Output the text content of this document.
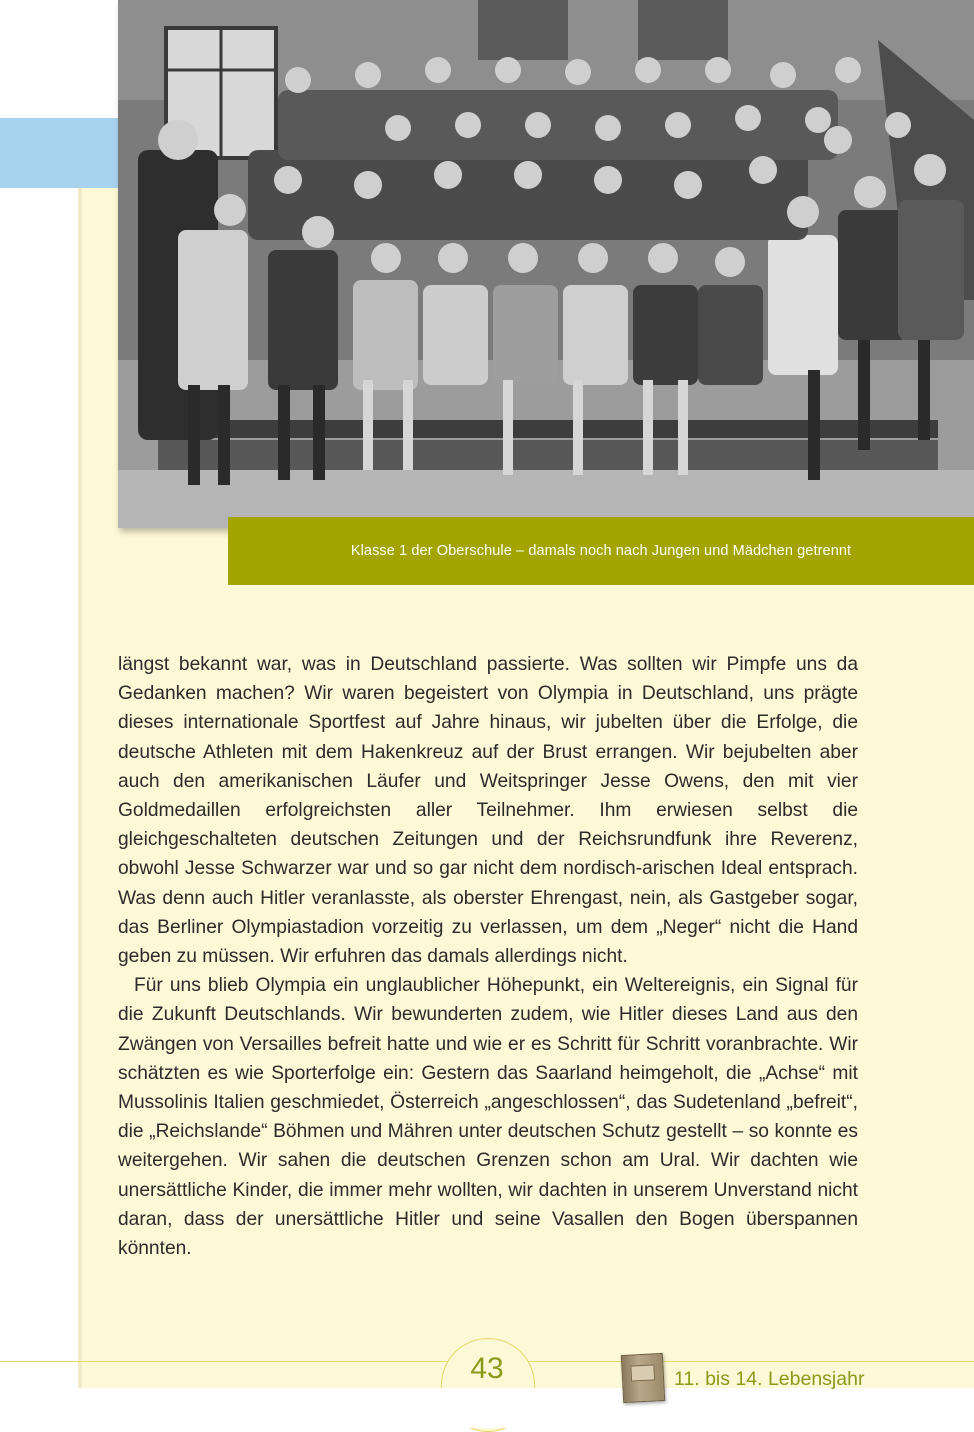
Klasse 1 der Oberschule – damals noch nach Jungen und Mädchen getrennt

längst bekannt war, was in Deutschland passierte. Was sollten wir Pimpfe uns da Gedanken machen? Wir waren begeistert von Olympia in Deutschland, uns prägte dieses internationale Sportfest auf Jahre hinaus, wir jubelten über die Erfolge, die deutsche Athleten mit dem Hakenkreuz auf der Brust errangen. Wir bejubelten aber auch den amerikanischen Läufer und Weitspringer Jesse Owens, den mit vier Goldmedaillen erfolgreichsten aller Teilnehmer. Ihm erwiesen selbst die gleichgeschalteten deutschen Zeitungen und der Reichsrundfunk ihre Reverenz, obwohl Jesse Schwarzer war und so gar nicht dem nordisch-arischen Ideal entsprach. Was denn auch Hitler veranlasste, als oberster Ehrengast, nein, als Gastgeber sogar, das Berliner Olympiastadion vorzeitig zu verlassen, um dem „Neger“ nicht die Hand geben zu müssen. Wir erfuhren das damals allerdings nicht.

Für uns blieb Olympia ein unglaublicher Höhepunkt, ein Weltereignis, ein Signal für die Zukunft Deutschlands. Wir bewunderten zudem, wie Hitler dieses Land aus den Zwängen von Versailles befreit hatte und wie er es Schritt für Schritt voranbrachte. Wir schätzten es wie Sporterfolge ein: Gestern das Saarland heimgeholt, die „Achse“ mit Mussolinis Italien geschmiedet, Österreich „angeschlossen“, das Sudetenland „befreit“, die „Reichslande“ Böhmen und Mähren unter deutschen Schutz gestellt – so konnte es weitergehen. Wir sahen die deutschen Grenzen schon am Ural. Wir dachten wie unersättliche Kinder, die immer mehr wollten, wir dachten in unserem Unverstand nicht daran, dass der unersättliche Hitler und seine Vasallen den Bogen überspannen könnten.

43	11. bis 14. Lebensjahr
